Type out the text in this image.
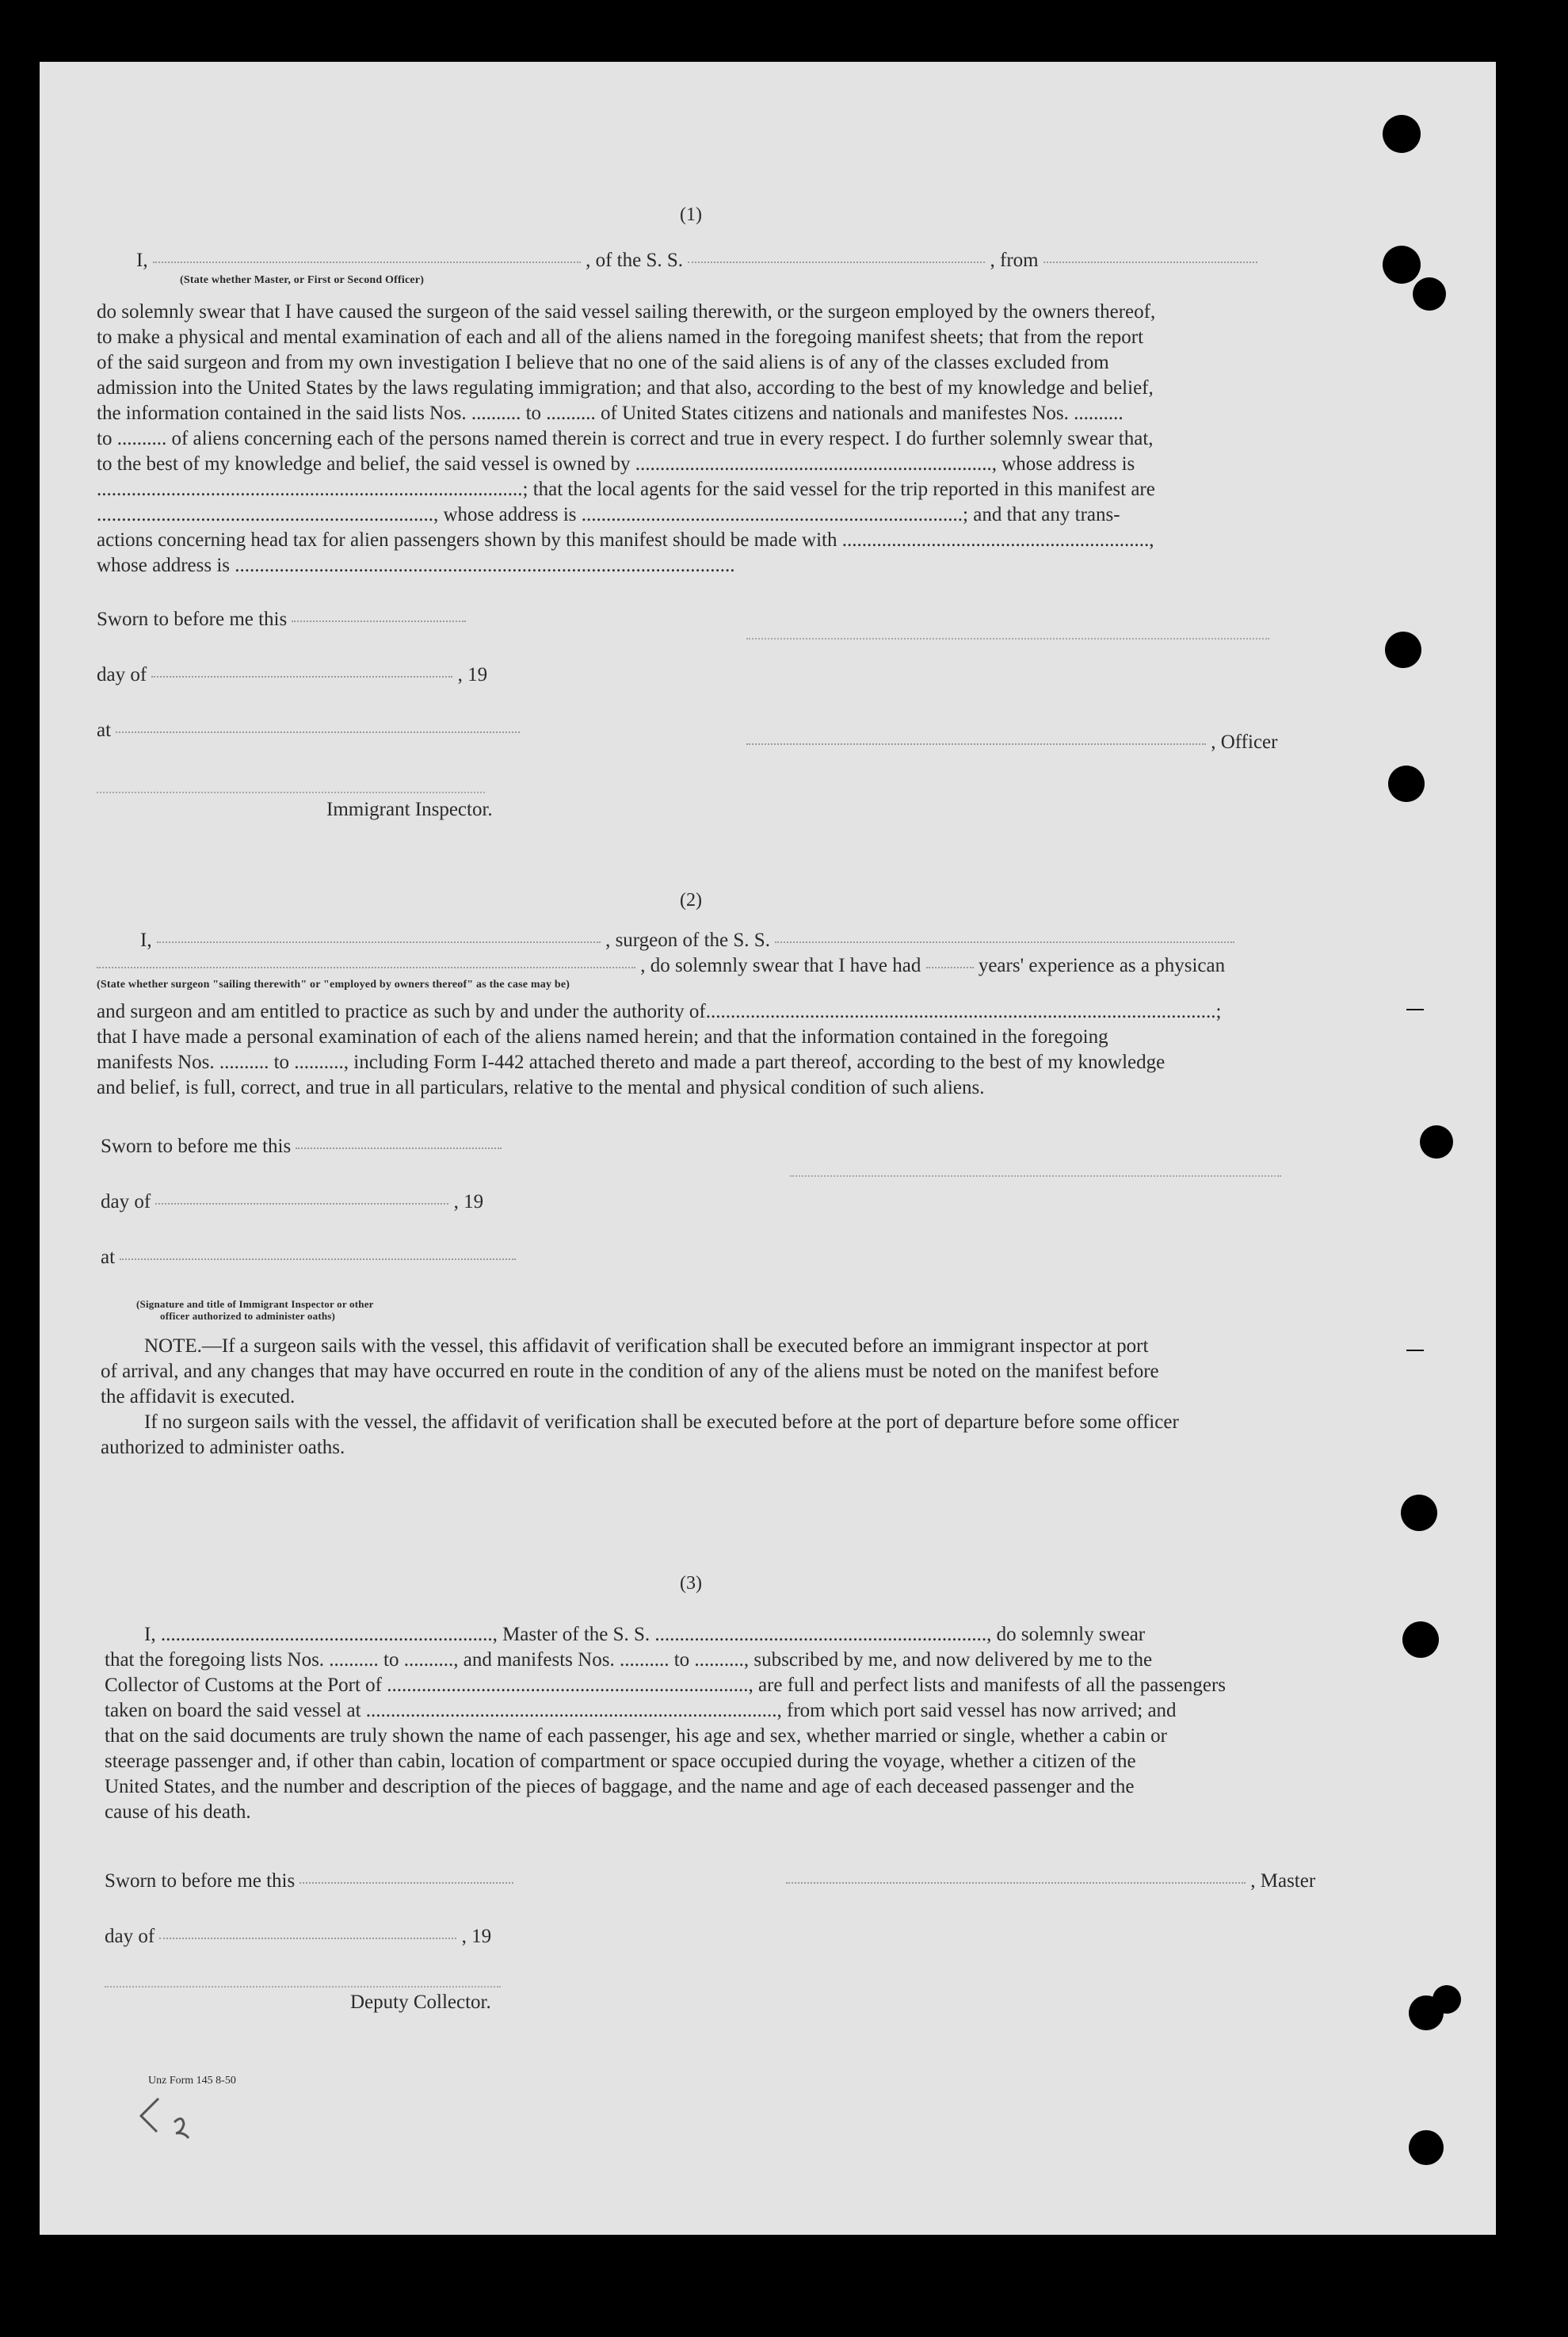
(1)
I,	, of the S. S.	, from
(State whether Master, or First or Second Officer)

do solemnly swear that I have caused the surgeon of the said vessel sailing therewith, or the surgeon employed by the owners thereof,

to make a physical and mental examination of each and all of the aliens named in the foregoing manifest sheets; that from the report

of the said surgeon and from my own investigation I believe that no one of the said aliens is of any of the classes excluded from

admission into the United States by the laws regulating immigration; and that also, according to the best of my knowledge and belief,

the information contained in the said lists Nos. .......... to .......... of United States citizens and nationals and manifestes Nos. ..........

to .......... of aliens concerning each of the persons named therein is correct and true in every respect. I do further solemnly swear that,

to the best of my knowledge and belief, the said vessel is owned by ........................................................................, whose address is

......................................................................................; that the local agents for the said vessel for the trip reported in this manifest are

...................................................................., whose address is .............................................................................; and that any trans-

actions concerning head tax for alien passengers shown by this manifest should be made with ..............................................................,

whose address is .....................................................................................................

Sworn to before me this
day of	, 19
at
, Officer
Immigrant Inspector.
(2)
I,	, surgeon of the S. S.
, do solemnly swear that I have had	years' experience as a physican
(State whether surgeon "sailing therewith" or "employed by owners thereof" as the case may be)

and surgeon and am entitled to practice as such by and under the authority of.......................................................................................................;

that I have made a personal examination of each of the aliens named herein; and that the information contained in the foregoing

manifests Nos. .......... to .........., including Form I-442 attached thereto and made a part thereof, according to the best of my knowledge

and belief, is full, correct, and true in all particulars, relative to the mental and physical condition of such aliens.

Sworn to before me this
day of	, 19
at
(Signature and title of Immigrant Inspector or other
officer authorized to administer oaths)

NOTE.—If a surgeon sails with the vessel, this affidavit of verification shall be executed before an immigrant inspector at port

of arrival, and any changes that may have occurred en route in the condition of any of the aliens must be noted on the manifest before

the affidavit is executed.

If no surgeon sails with the vessel, the affidavit of verification shall be executed before at the port of departure before some officer

authorized to administer oaths.

(3)

I, ..................................................................., Master of the S. S. ..................................................................., do solemnly swear

that the foregoing lists Nos. .......... to .........., and manifests Nos. .......... to .........., subscribed by me, and now delivered by me to the

Collector of Customs at the Port of ........................................................................., are full and perfect lists and manifests of all the passengers

taken on board the said vessel at ..................................................................................., from which port said vessel has now arrived; and

that on the said documents are truly shown the name of each passenger, his age and sex, whether married or single, whether a cabin or

steerage passenger and, if other than cabin, location of compartment or space occupied during the voyage, whether a citizen of the

United States, and the number and description of the pieces of baggage, and the name and age of each deceased passenger and the

cause of his death.

Sworn to before me this	, Master
day of	, 19
Deputy Collector.
Unz Form 145 8-50
